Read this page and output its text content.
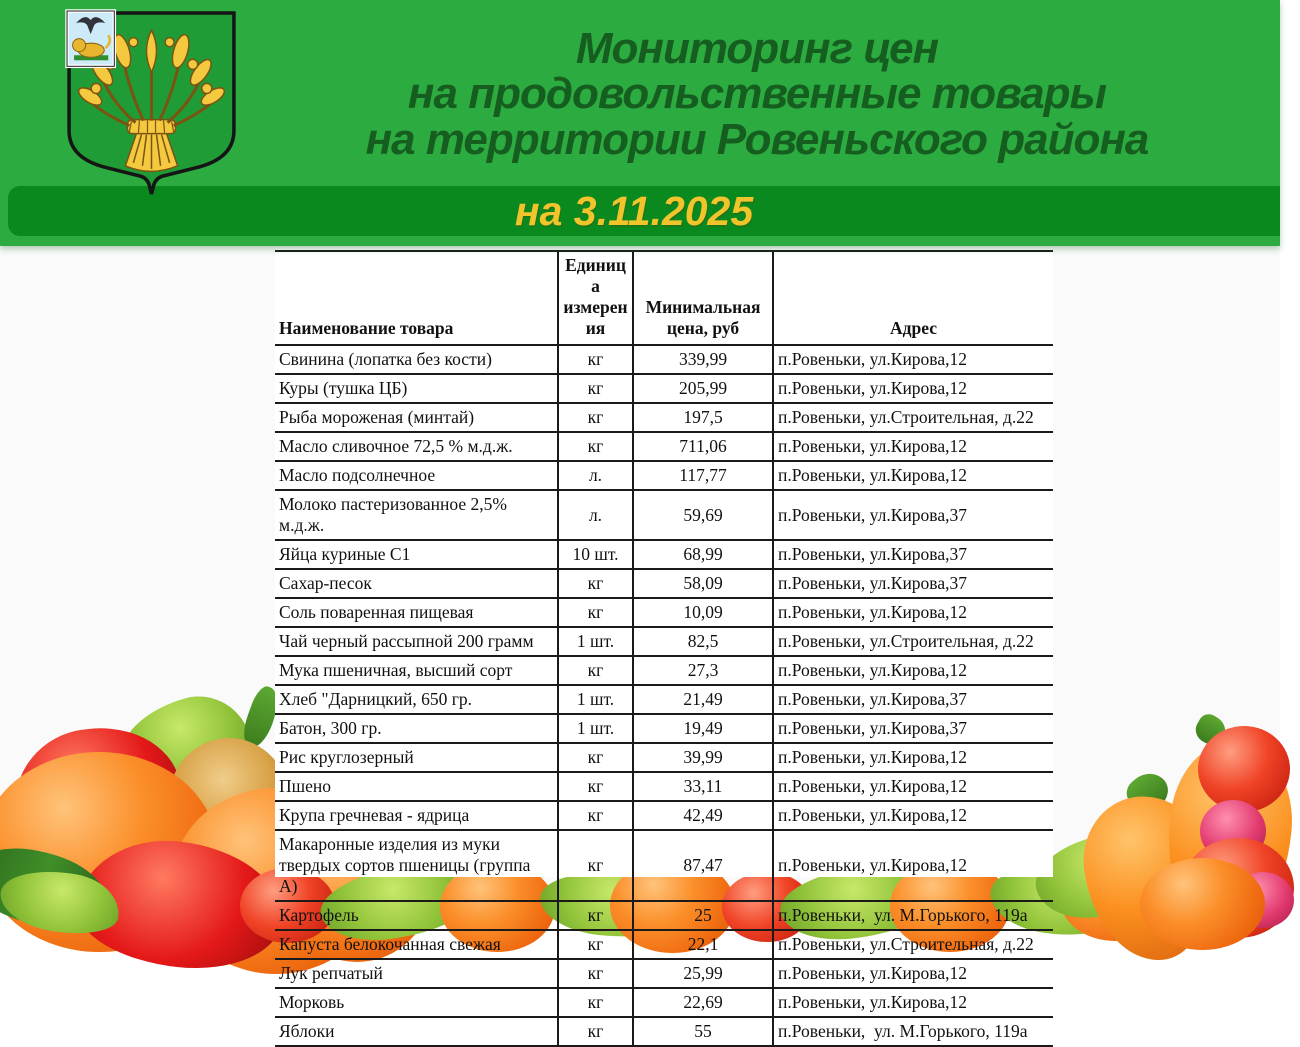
Наименование товара	Единица измерения	Минимальная цена, руб	Адрес
Свинина (лопатка без кости)	кг	339,99	п.Ровеньки, ул.Кирова,12
Куры (тушка ЦБ)	кг	205,99	п.Ровеньки, ул.Кирова,12
Рыба мороженая (минтай)	кг	197,5	п.Ровеньки, ул.Строительная, д.22
Масло сливочное 72,5 % м.д.ж.	кг	711,06	п.Ровеньки, ул.Кирова,12
Масло подсолнечное	л.	117,77	п.Ровеньки, ул.Кирова,12
Молоко пастеризованное 2,5% м.д.ж.	л.	59,69	п.Ровеньки, ул.Кирова,37
Яйца куриные С1	10 шт.	68,99	п.Ровеньки, ул.Кирова,37
Сахар-песок	кг	58,09	п.Ровеньки, ул.Кирова,37
Соль поваренная пищевая	кг	10,09	п.Ровеньки, ул.Кирова,12
Чай черный рассыпной 200 грамм	1 шт.	82,5	п.Ровеньки, ул.Строительная, д.22
Мука пшеничная, высший сорт	кг	27,3	п.Ровеньки, ул.Кирова,12
Хлеб "Дарницкий, 650 гр.	1 шт.	21,49	п.Ровеньки, ул.Кирова,37
Батон, 300 гр.	1 шт.	19,49	п.Ровеньки, ул.Кирова,37
Рис круглозерный	кг	39,99	п.Ровеньки, ул.Кирова,12
Пшено	кг	33,11	п.Ровеньки, ул.Кирова,12
Крупа гречневая - ядрица	кг	42,49	п.Ровеньки, ул.Кирова,12
Макаронные изделия из муки твердых сортов пшеницы (группа А)	кг	87,47	п.Ровеньки, ул.Кирова,12
Картофель	кг	25	п.Ровеньки,  ул. М.Горького, 119а
Капуста белокочанная свежая	кг	22,1	п.Ровеньки, ул.Строительная, д.22
Лук репчатый	кг	25,99	п.Ровеньки, ул.Кирова,12
Морковь	кг	22,69	п.Ровеньки, ул.Кирова,12
Яблоки	кг	55	п.Ровеньки,  ул. М.Горького, 119а
Мониторинг цен
на продовольственные товары
на территории Ровеньского района
на 3.11.2025
